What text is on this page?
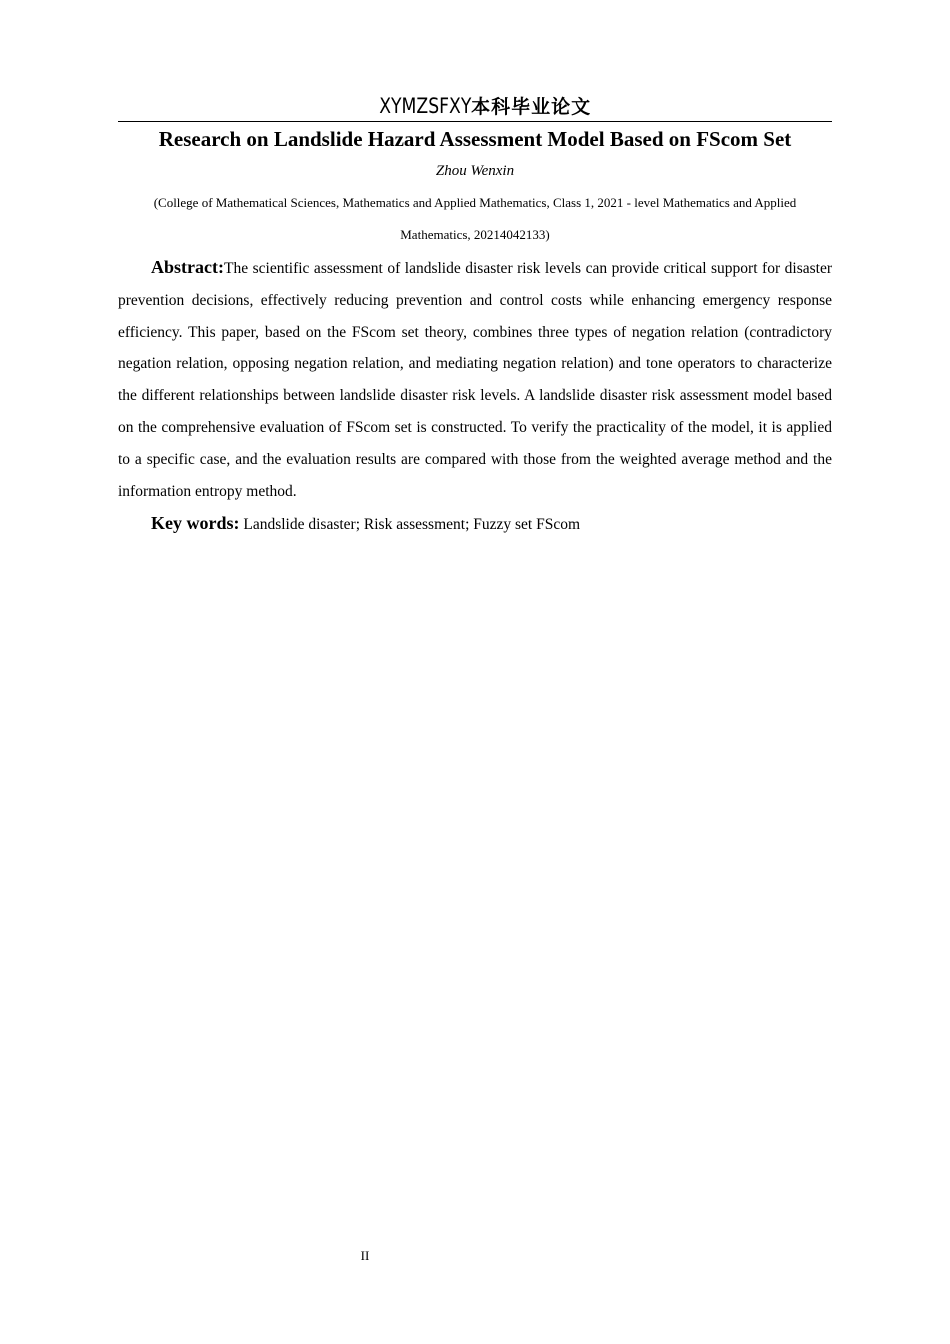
XYMZSFXY本科毕业论文
Research on Landslide Hazard Assessment Model Based on FScom Set
Zhou Wenxin
(College of Mathematical Sciences, Mathematics and Applied Mathematics, Class 1, 2021 - level Mathematics and Applied Mathematics, 20214042133)

Abstract:The scientific assessment of landslide disaster risk levels can provide critical support for disaster prevention decisions, effectively reducing prevention and control costs while enhancing emergency response efficiency. This paper, based on the FScom set theory, combines three types of negation relation (contradictory negation relation, opposing negation relation, and mediating negation relation) and tone operators to characterize the different relationships between landslide disaster risk levels. A landslide disaster risk assessment model based on the comprehensive evaluation of FScom set is constructed. To verify the practicality of the model, it is applied to a specific case, and the evaluation results are compared with those from the weighted average method and the information entropy method.

Key words: Landslide disaster; Risk assessment; Fuzzy set FScom

II
